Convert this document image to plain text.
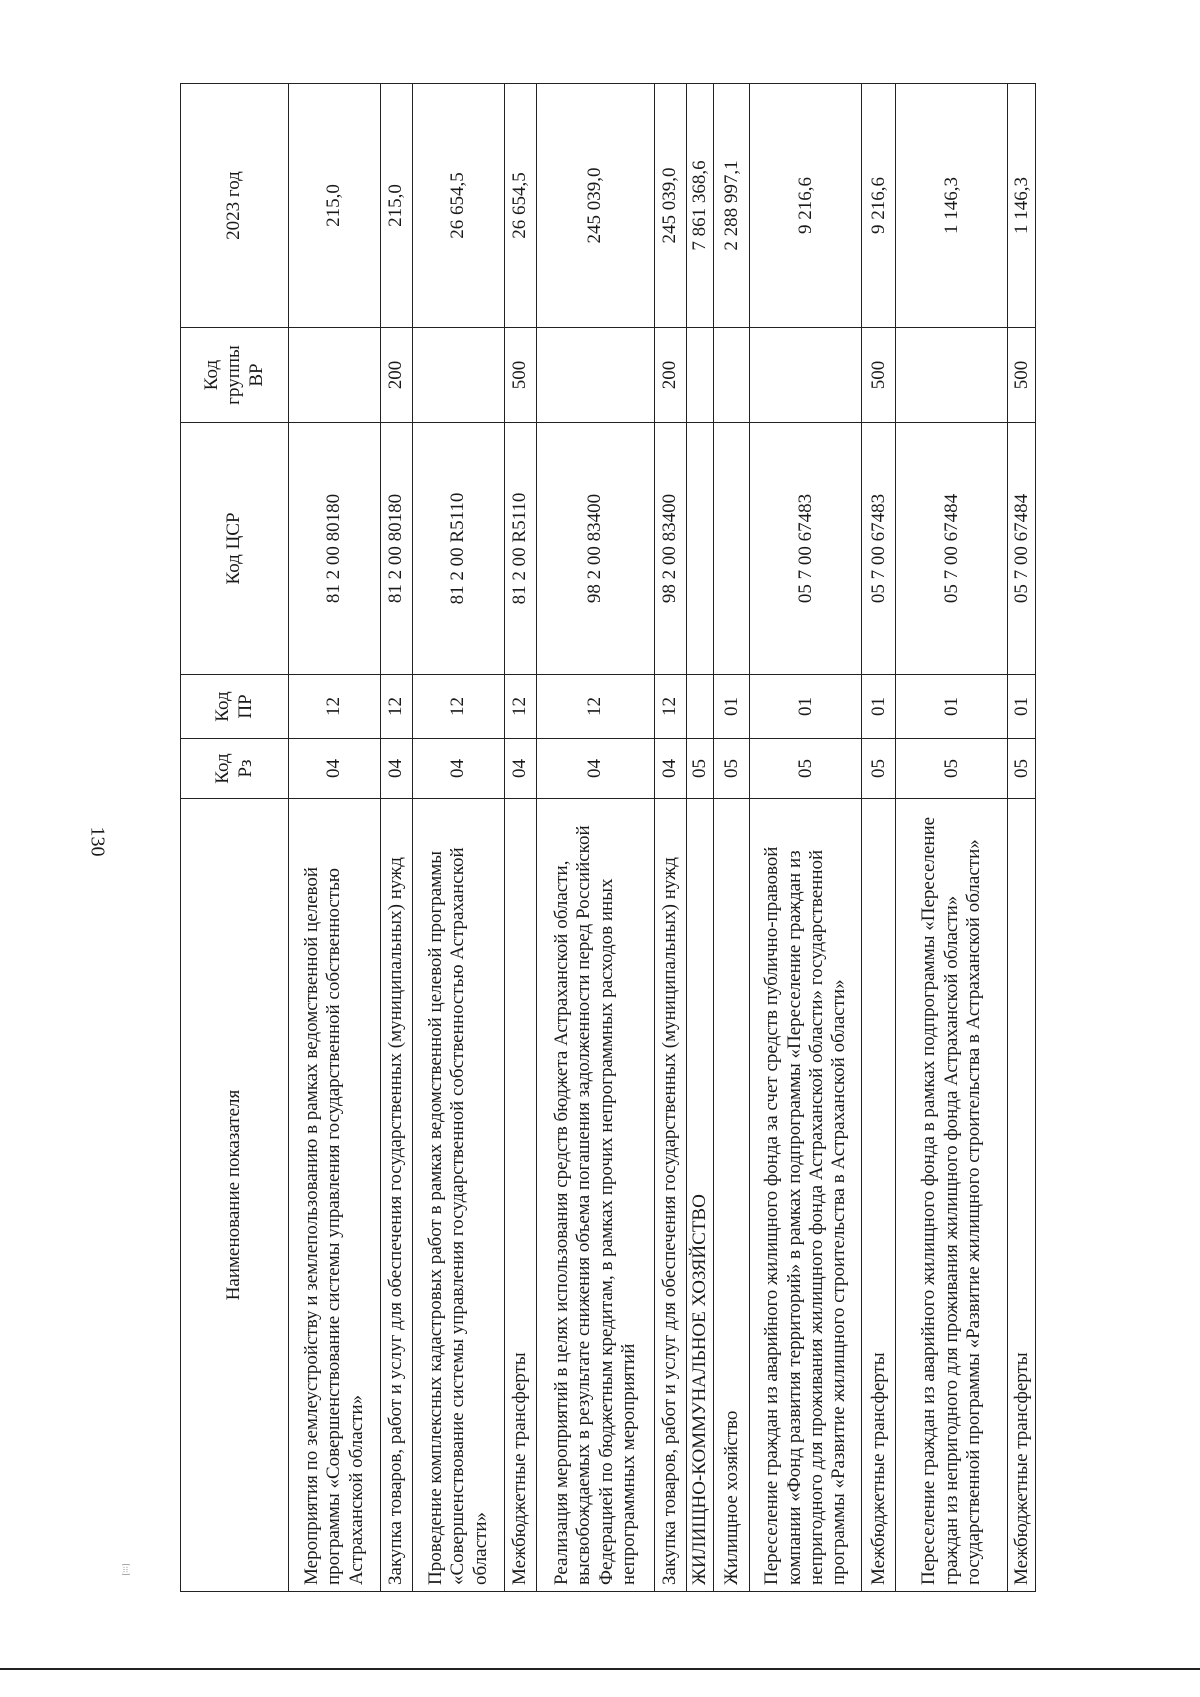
130
[:::]
Наименование показателя	Код Рз	Код ПР	Код ЦСР	Код группы ВР	2023 год
Мероприятия по землеустройству и землепользованию в рамках ведомственной целевой программы «Совершенствование системы управления государственной собственностью Астраханской области»	04	12	81 2 00 80180		215,0
Закупка товаров, работ и услуг для обеспечения государственных (муниципальных) нужд	04	12	81 2 00 80180	200	215,0
Проведение комплексных кадастровых работ в рамках ведомственной целевой программы «Совершенствование системы управления государственной собственностью Астраханской области»	04	12	81 2 00 R5110		26 654,5
Межбюджетные трансферты	04	12	81 2 00 R5110	500	26 654,5
Реализация мероприятий в целях использования средств бюджета Астраханской области, высвобождаемых в результате снижения объема погашения задолженности перед Российской Федерацией по бюджетным кредитам, в рамках прочих непрограммных расходов иных непрограммных мероприятий	04	12	98 2 00 83400		245 039,0
Закупка товаров, работ и услуг для обеспечения государственных (муниципальных) нужд	04	12	98 2 00 83400	200	245 039,0
ЖИЛИЩНО-КОММУНАЛЬНОЕ ХОЗЯЙСТВО	05				7 861 368,6
Жилищное хозяйство	05	01			2 288 997,1
Переселение граждан из аварийного жилищного фонда за счет средств публично-правовой компании «Фонд развития территорий» в рамках подпрограммы «Переселение граждан из непригодного для проживания жилищного фонда Астраханской области» государственной программы «Развитие жилищного строительства в Астраханской области»	05	01	05 7 00 67483		9 216,6
Межбюджетные трансферты	05	01	05 7 00 67483	500	9 216,6
Переселение граждан из аварийного жилищного фонда в рамках подпрограммы «Переселение граждан из непригодного для проживания жилищного фонда Астраханской области» государственной программы «Развитие жилищного строительства в Астраханской области»	05	01	05 7 00 67484		1 146,3
Межбюджетные трансферты	05	01	05 7 00 67484	500	1 146,3
